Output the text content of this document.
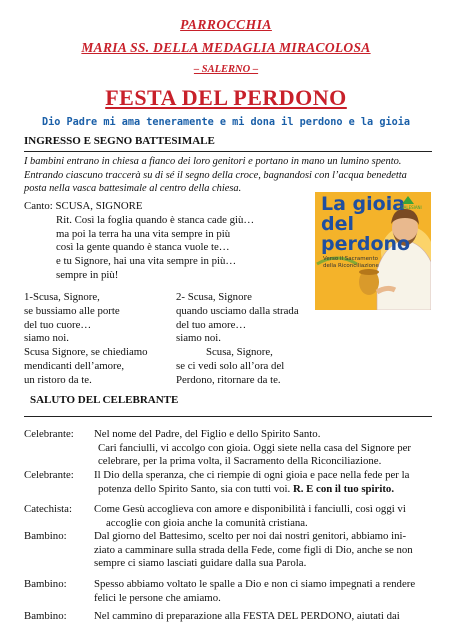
PARROCCHIA
MARIA SS. DELLA MEDAGLIA MIRACOLOSA
– SALERNO –
FESTA DEL PERDONO
Dio Padre mi ama teneramente e mi dona il perdono e la gioia
INGRESSO E SEGNO BATTESIMALE
I bambini entrano in chiesa a fianco dei loro genitori e portano in mano un lumino spento.
Entrando ciascuno traccerà su di sé il segno della croce, bagnandosi con l’acqua benedetta
posta nella vasca battesimale al centro della chiesa.
Canto: SCUSA, SIGNORE
Rit. Così la foglia quando è stanca cade giù…
ma poi la terra ha una vita sempre in più
così la gente quando è stanca vuole te…
e tu Signore, hai una vita sempre in più…
sempre in più!
La gioia
del
perdono
Verso il Sacramento
della Riconciliazione
SALESIANI
1-Scusa, Signore,
se bussiamo alle porte
del tuo cuore…
siamo noi.
Scusa Signore, se chiediamo
mendicanti dell’amore,
un ristoro da te.
2- Scusa, Signore
quando usciamo dalla strada
del tuo amore…
siamo noi.
Scusa, Signore,
se ci vedi solo all’ora del
Perdono, ritornare da te.
SALUTO DEL CELEBRANTE
Celebrante:	Nel nome del Padre, del Figlio e dello Spirito Santo.
Cari fanciulli, vi accolgo con gioia. Oggi siete nella casa del Signore per
celebrare, per la prima volta, il Sacramento della Riconciliazione.
Celebrante:	Il Dio della speranza, che ci riempie di ogni gioia e pace nella fede per la
potenza dello Spirito Santo, sia con tutti voi. R. E con il tuo spirito.
Catechista:	Come Gesù accoglieva con amore e disponibilità i fanciulli, così oggi vi
accoglie con gioia anche la comunità cristiana.
Bambino:	Dal giorno del Battesimo, scelto per noi dai nostri genitori, abbiamo ini-
ziato a camminare sulla strada della Fede, come figli di Dio, anche se non
sempre ci siamo lasciati guidare dalla sua Parola.
Bambino:	Spesso abbiamo voltato le spalle a Dio e non ci siamo impegnati a rendere
felici le persone che amiamo.
Bambino:	Nel cammino di preparazione alla FESTA DEL PERDONO, aiutati dai
